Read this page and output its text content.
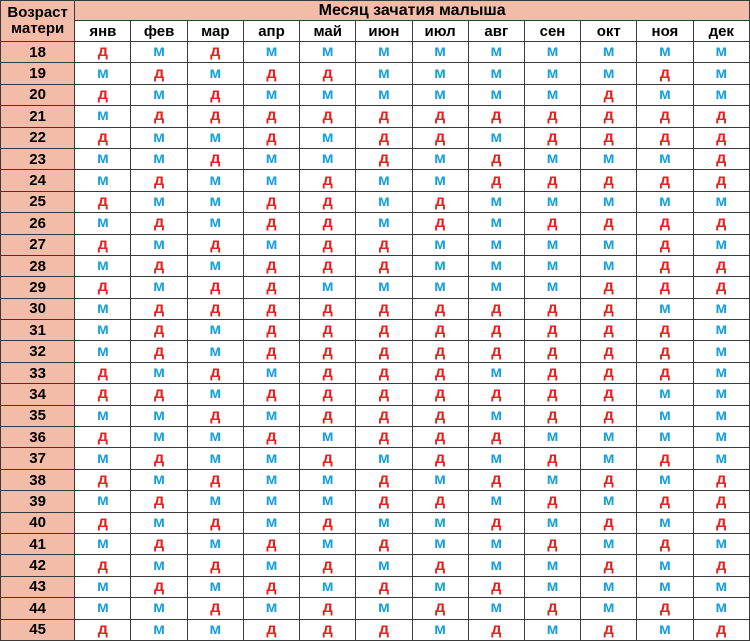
Возраст матери	Месяц зачатия малыша											
	янв	фев	мар	апр	май	июн	июл	авг	сен	окт	ноя	дек
18	д	м	д	м	м	м	м	м	м	м	м	м
19	м	д	м	д	д	м	м	м	м	м	д	м
20	д	м	д	м	м	м	м	м	м	д	м	м
21	м	д	д	д	д	д	д	д	д	д	д	д
22	д	м	м	д	м	д	д	м	д	д	д	д
23	м	м	д	м	м	д	м	д	м	м	м	д
24	м	д	м	м	д	м	м	д	д	д	д	д
25	д	м	м	д	д	м	д	м	м	м	м	м
26	м	д	м	д	д	м	д	м	д	д	д	д
27	д	м	д	м	д	д	м	м	м	м	д	м
28	м	д	м	д	д	д	м	м	м	м	д	д
29	д	м	д	д	м	м	м	м	м	д	д	д
30	м	д	д	д	д	д	д	д	д	д	м	м
31	м	д	м	д	д	д	д	д	д	д	д	м
32	м	д	м	д	д	д	д	д	д	д	д	м
33	д	м	д	м	д	д	д	м	д	д	д	м
34	д	д	м	д	д	д	д	д	д	д	м	м
35	м	м	д	м	д	д	д	м	д	д	м	м
36	д	м	м	д	м	д	д	д	м	м	м	м
37	м	д	м	м	д	м	д	м	д	м	д	м
38	д	м	д	м	м	д	м	д	м	д	м	д
39	м	д	м	м	м	д	д	м	д	м	д	д
40	д	м	д	м	д	м	м	д	м	д	м	д
41	м	д	м	д	м	д	м	м	д	м	д	м
42	д	м	д	м	д	м	д	м	м	д	м	д
43	м	д	м	д	м	д	м	д	м	м	м	м
44	м	м	д	м	д	м	д	м	д	м	д	м
45	д	м	м	д	д	д	м	д	м	д	м	д
